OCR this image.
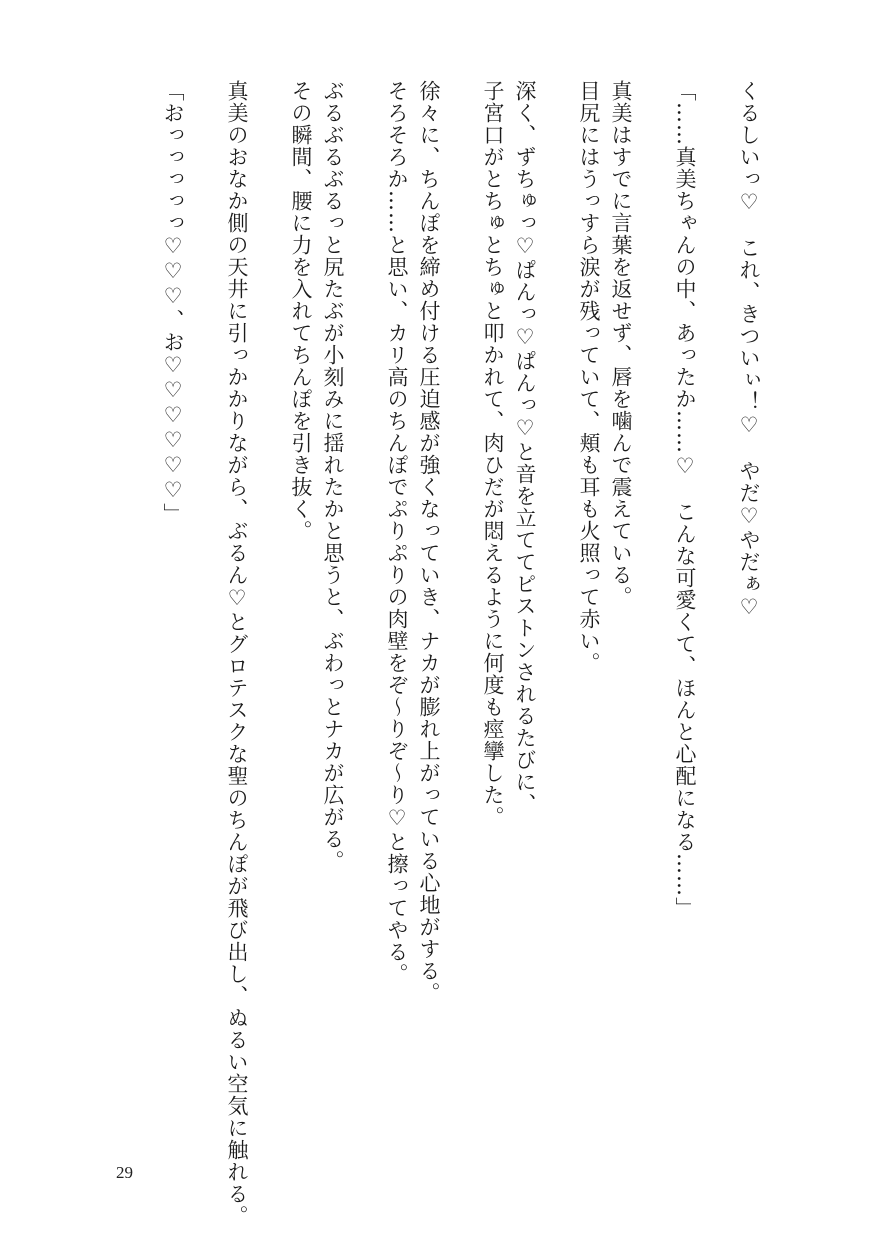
くるしいっ♡　これ、きついぃ！♡　やだ♡やだぁ♡
「……真美ちゃんの中、あったか……♡　こんな可愛くて、ほんと心配になる……」
真美はすでに言葉を返せず、唇を噛んで震えている。
目尻にはうっすら涙が残っていて、頬も耳も火照って赤い。
深く、ずちゅっ♡ぱんっ♡ぱんっ♡と音を立ててピストンされるたびに、
子宮口がとちゅとちゅと叩かれて、肉ひだが悶えるように何度も痙攣した。
徐々に、ちんぽを締め付ける圧迫感が強くなっていき、ナカが膨れ上がっている心地がする。
そろそろか……と思い、カリ高のちんぽでぷりぷりの肉壁をぞ〜りぞ〜り♡と擦ってやる。
ぶるぶるぶるっと尻たぶが小刻みに揺れたかと思うと、ぶわっとナカが広がる。
その瞬間、腰に力を入れてちんぽを引き抜く。
真美のおなか側の天井に引っかかりながら、ぶるん♡とグロテスクな聖のちんぽが飛び出し、ぬるい空気に触れる。
「おっっっっっ♡♡♡、お♡♡♡♡♡♡」
29
